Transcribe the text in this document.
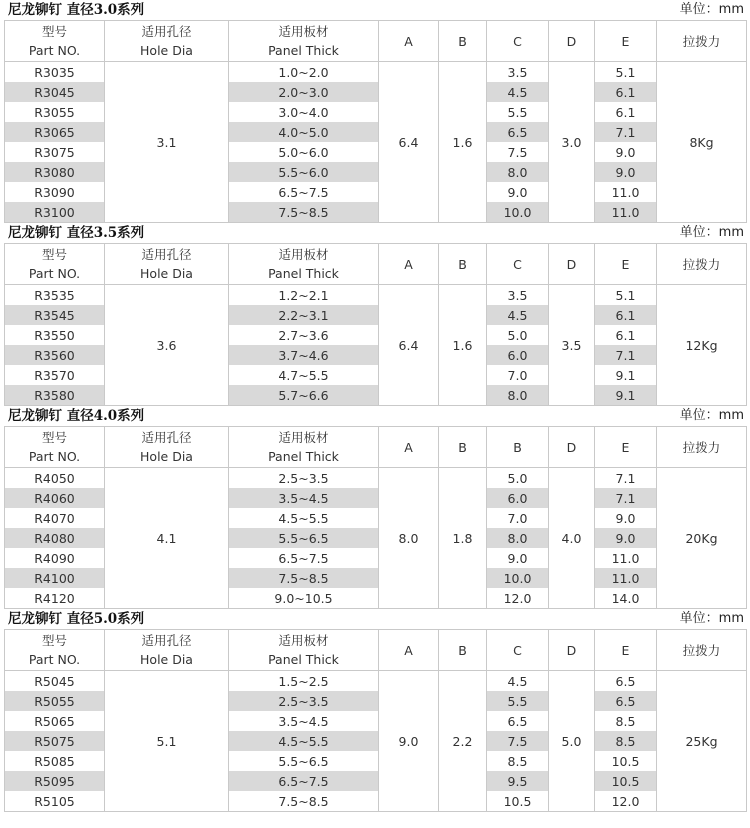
尼龙铆钉 直径3.0系列	单位：mm
型号
Part NO.	适用孔径
Hole Dia	适用板材
Panel Thick	A	B	C	D	E	拉拨力
R3035	3.1	1.0~2.0	6.4	1.6	3.5	3.0	5.1	8Kg
R3045		2.0~3.0			4.5		6.1	
R3055		3.0~4.0			5.5		6.1	
R3065		4.0~5.0			6.5		7.1	
R3075		5.0~6.0			7.5		9.0	
R3080		5.5~6.0			8.0		9.0	
R3090		6.5~7.5			9.0		11.0	
R3100		7.5~8.5			10.0		11.0	
尼龙铆钉 直径3.5系列	单位：mm
型号
Part NO.	适用孔径
Hole Dia	适用板材
Panel Thick	A	B	C	D	E	拉拨力
R3535	3.6	1.2~2.1	6.4	1.6	3.5	3.5	5.1	12Kg
R3545		2.2~3.1			4.5		6.1	
R3550		2.7~3.6			5.0		6.1	
R3560		3.7~4.6			6.0		7.1	
R3570		4.7~5.5			7.0		9.1	
R3580		5.7~6.6			8.0		9.1	
尼龙铆钉 直径4.0系列	单位：mm
型号
Part NO.	适用孔径
Hole Dia	适用板材
Panel Thick	A	B	B	D	E	拉拨力
R4050	4.1	2.5~3.5	8.0	1.8	5.0	4.0	7.1	20Kg
R4060		3.5~4.5			6.0		7.1	
R4070		4.5~5.5			7.0		9.0	
R4080		5.5~6.5			8.0		9.0	
R4090		6.5~7.5			9.0		11.0	
R4100		7.5~8.5			10.0		11.0	
R4120		9.0~10.5			12.0		14.0	
尼龙铆钉 直径5.0系列	单位：mm
型号
Part NO.	适用孔径
Hole Dia	适用板材
Panel Thick	A	B	C	D	E	拉拨力
R5045	5.1	1.5~2.5	9.0	2.2	4.5	5.0	6.5	25Kg
R5055		2.5~3.5			5.5		6.5	
R5065		3.5~4.5			6.5		8.5	
R5075		4.5~5.5			7.5		8.5	
R5085		5.5~6.5			8.5		10.5	
R5095		6.5~7.5			9.5		10.5	
R5105		7.5~8.5			10.5		12.0	
